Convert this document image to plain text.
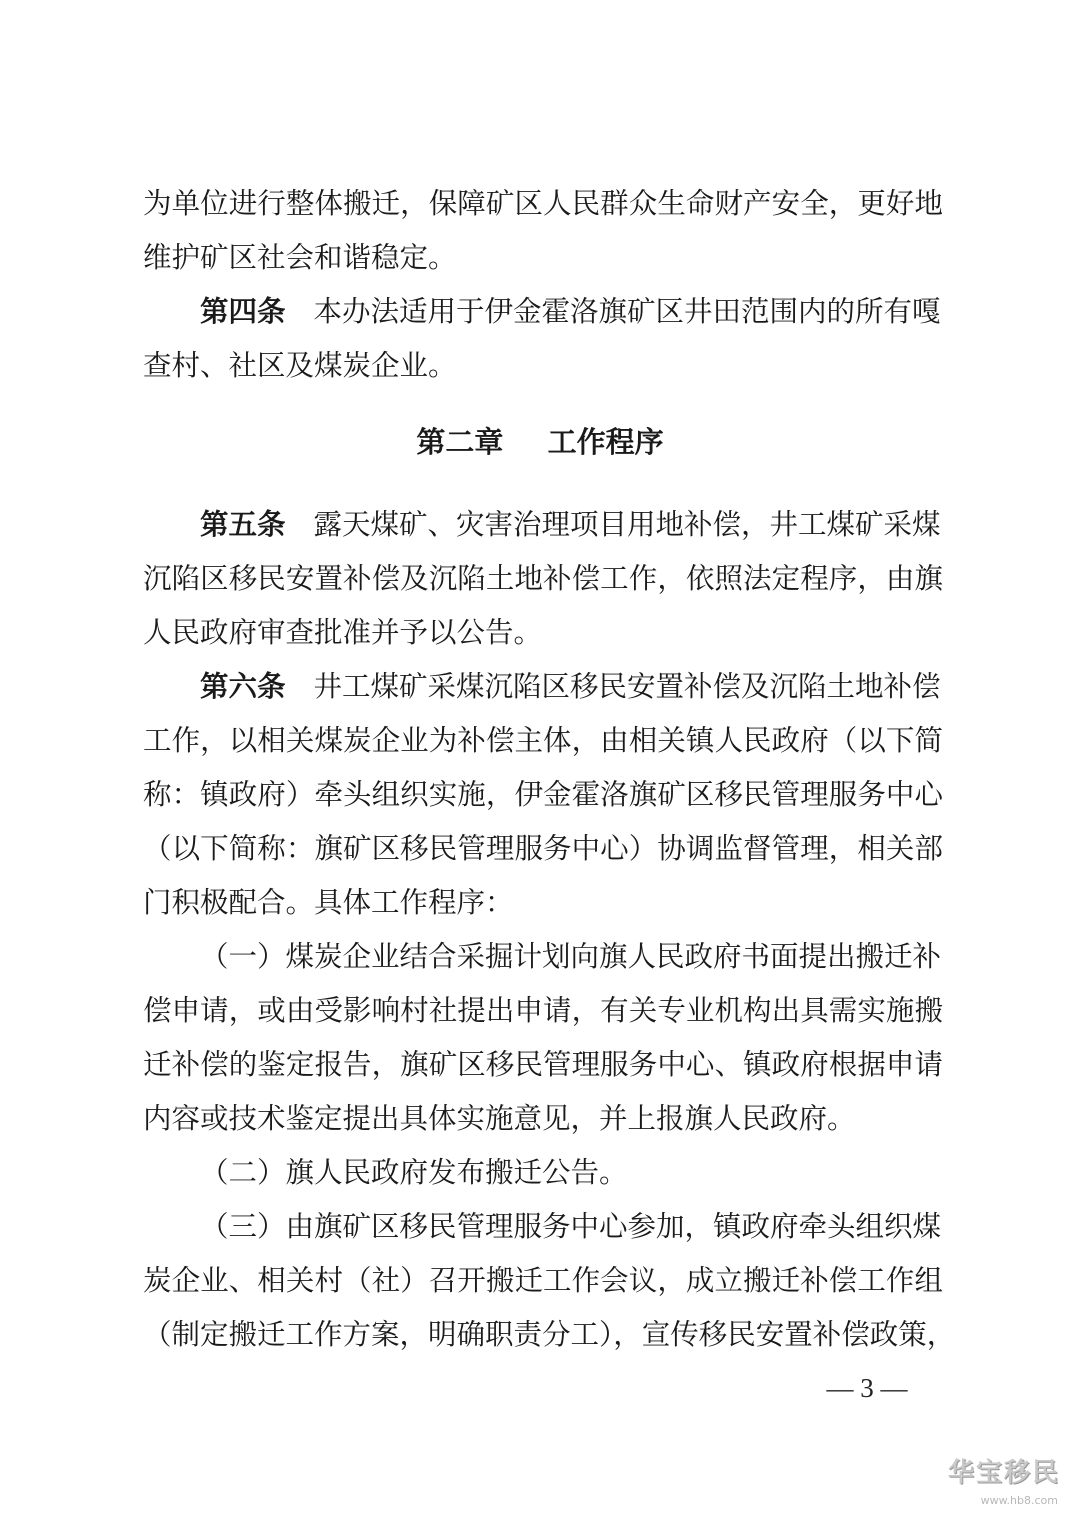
为单位进行整体搬迁，保障矿区人民群众生命财产安全，更好地
维护矿区社会和谐稳定。
第四条 本办法适用于伊金霍洛旗矿区井田范围内的所有嘎
查村、社区及煤炭企业。
第二章 工作程序
第五条 露天煤矿、灾害治理项目用地补偿，井工煤矿采煤
沉陷区移民安置补偿及沉陷土地补偿工作，依照法定程序，由旗
人民政府审查批准并予以公告。
第六条 井工煤矿采煤沉陷区移民安置补偿及沉陷土地补偿
工作，以相关煤炭企业为补偿主体，由相关镇人民政府（以下简
称：镇政府）牵头组织实施，伊金霍洛旗矿区移民管理服务中心
（以下简称：旗矿区移民管理服务中心）协调监督管理，相关部
门积极配合。具体工作程序：
（一）煤炭企业结合采掘计划向旗人民政府书面提出搬迁补
偿申请，或由受影响村社提出申请，有关专业机构出具需实施搬
迁补偿的鉴定报告，旗矿区移民管理服务中心、镇政府根据申请
内容或技术鉴定提出具体实施意见，并上报旗人民政府。
（二）旗人民政府发布搬迁公告。
（三）由旗矿区移民管理服务中心参加，镇政府牵头组织煤
炭企业、相关村（社）召开搬迁工作会议，成立搬迁补偿工作组
（制定搬迁工作方案，明确职责分工），宣传移民安置补偿政策，
— 3 —
华宝移民
www.hb8.com
